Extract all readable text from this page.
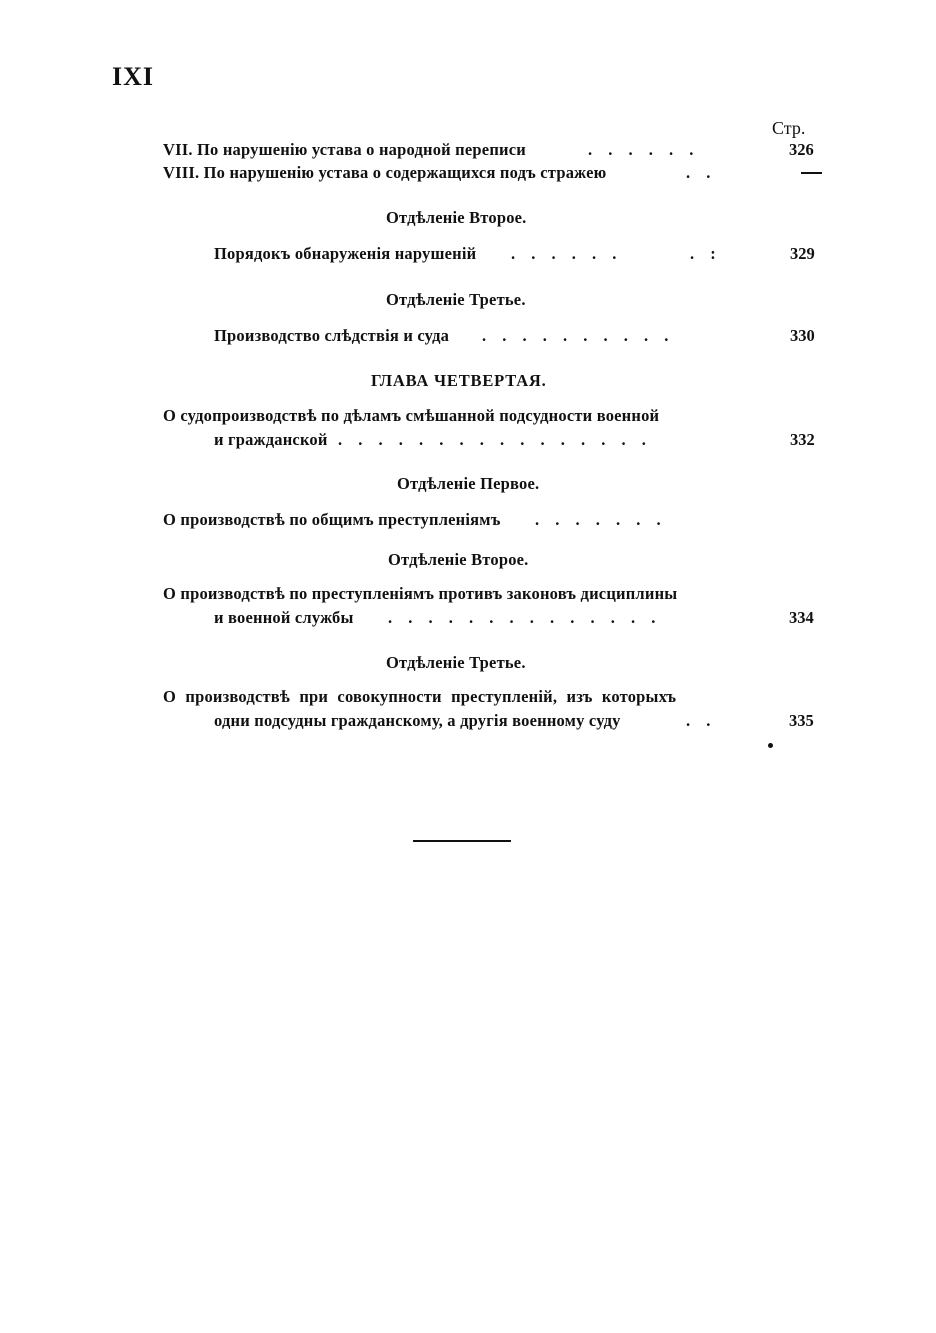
IXI
Стр.
VII. По нарушенію устава о народной переписи	. . . . . .	326
VIII. По нарушенію устава о содержащихся подъ стражею	. .
Отдѣленіе Второе.
Порядокъ обнаруженія нарушеній . . . . . .	. :	329
Отдѣленіе Третье.
Производство слѣдствія и суда . . . . . . . . . .	330
ГЛАВА ЧЕТВЕРТАЯ.
О судопроизводствѣ по дѣламъ смѣшанной подсудности военной
и гражданской . . . . . . . . . . . . . . . .	332
Отдѣленіе Первое.
О производствѣ по общимъ преступленіямъ . . . . . . .
Отдѣленіе Второе.
О производствѣ по преступленіямъ противъ законовъ дисциплины
и военной службы . . . . . . . . . . . . . .	334
Отдѣленіе Третье.
О производствѣ при совокупности преступленій, изъ которыхъ
одни подсудны гражданскому, а другія военному суду	. .	335
